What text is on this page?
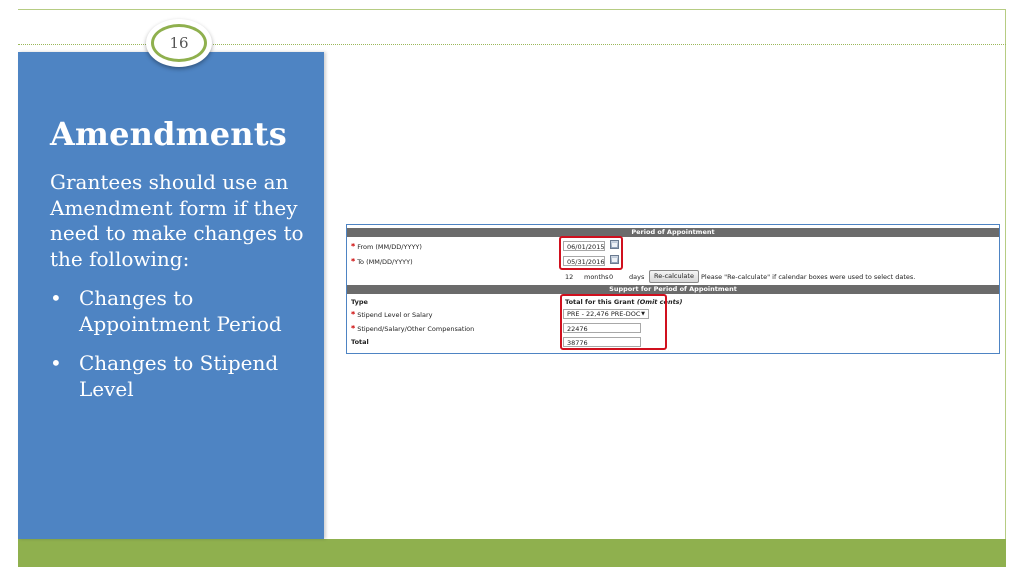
16
Amendments

Grantees should use an Amendment form if they need to make changes to the following:

• Changes to Appointment Period
• Changes to Stipend Level
Period of Appointment
* From (MM/DD/YYYY)	06/01/2015
* To (MM/DD/YYYY)	05/31/2016
12 months 0 days	Re-calculate	Please "Re-calculate" if calendar boxes were used to select dates.
Support for Period of Appointment
Type	Total for this Grant (Omit cents)
* Stipend Level or Salary	PRE - 22,476 PRE-DOC ▼
* Stipend/Salary/Other Compensation	22476
Total	38776
